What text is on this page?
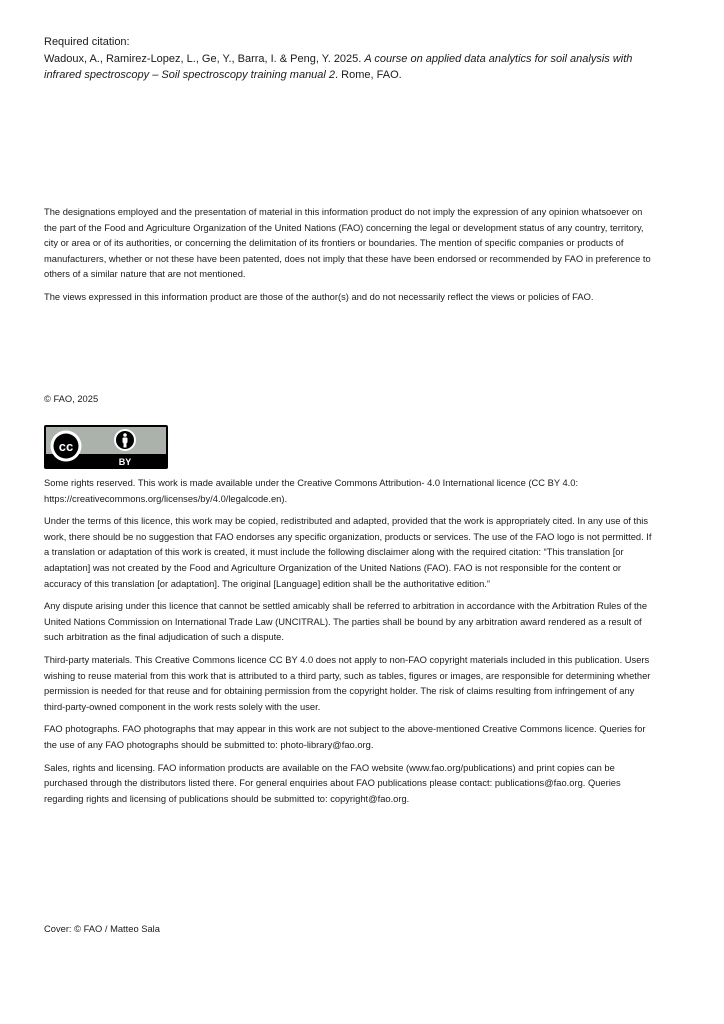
Required citation:

Wadoux, A., Ramirez-Lopez, L., Ge, Y., Barra, I. & Peng, Y. 2025. A course on applied data analytics for soil analysis with infrared spectroscopy – Soil spectroscopy training manual 2. Rome, FAO.

The designations employed and the presentation of material in this information product do not imply the expression of any opinion whatsoever on the part of the Food and Agriculture Organization of the United Nations (FAO) concerning the legal or development status of any country, territory, city or area or of its authorities, or concerning the delimitation of its frontiers or boundaries. The mention of specific companies or products of manufacturers, whether or not these have been patented, does not imply that these have been endorsed or recommended by FAO in preference to others of a similar nature that are not mentioned.

The views expressed in this information product are those of the author(s) and do not necessarily reflect the views or policies of FAO.

© FAO, 2025
cc
BY

Some rights reserved. This work is made available under the Creative Commons Attribution- 4.0 International licence (CC BY 4.0: https://creativecommons.org/licenses/by/4.0/legalcode.en).

Under the terms of this licence, this work may be copied, redistributed and adapted, provided that the work is appropriately cited. In any use of this work, there should be no suggestion that FAO endorses any specific organization, products or services. The use of the FAO logo is not permitted. If a translation or adaptation of this work is created, it must include the following disclaimer along with the required citation: “This translation [or adaptation] was not created by the Food and Agriculture Organization of the United Nations (FAO). FAO is not responsible for the content or accuracy of this translation [or adaptation]. The original [Language] edition shall be the authoritative edition.”

Any dispute arising under this licence that cannot be settled amicably shall be referred to arbitration in accordance with the Arbitration Rules of the United Nations Commission on International Trade Law (UNCITRAL). The parties shall be bound by any arbitration award rendered as a result of such arbitration as the final adjudication of such a dispute.

Third-party materials. This Creative Commons licence CC BY 4.0 does not apply to non-FAO copyright materials included in this publication. Users wishing to reuse material from this work that is attributed to a third party, such as tables, figures or images, are responsible for determining whether permission is needed for that reuse and for obtaining permission from the copyright holder. The risk of claims resulting from infringement of any third-party-owned component in the work rests solely with the user.

FAO photographs. FAO photographs that may appear in this work are not subject to the above-mentioned Creative Commons licence. Queries for the use of any FAO photographs should be submitted to: photo-library@fao.org.

Sales, rights and licensing. FAO information products are available on the FAO website (www.fao.org/publications) and print copies can be purchased through the distributors listed there. For general enquiries about FAO publications please contact: publications@fao.org. Queries regarding rights and licensing of publications should be submitted to: copyright@fao.org.

Cover: © FAO / Matteo Sala
